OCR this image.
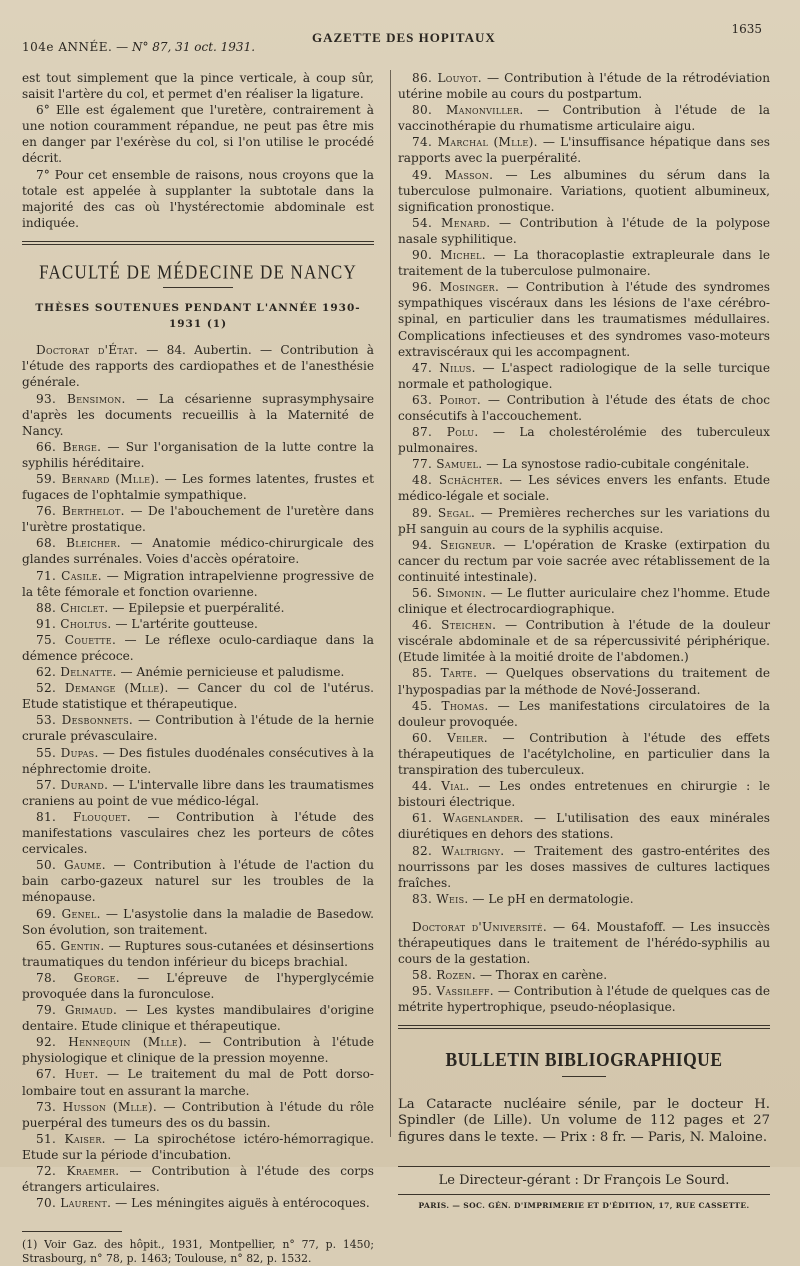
104e ANNÉE. — N° 87, 31 oct. 1931.
GAZETTE DES HOPITAUX
1635

est tout simplement que la pince verticale, à coup sûr, saisit l'artère du col, et permet d'en réaliser la ligature.

6° Elle est également que l'uretère, contrairement à une notion couramment répandue, ne peut pas être mis en danger par l'exérèse du col, si l'on utilise le procédé décrit.

7° Pour cet ensemble de raisons, nous croyons que la totale est appelée à supplanter la subtotale dans la majorité des cas où l'hystérectomie abdominale est indiquée.

FACULTÉ DE MÉDECINE DE NANCY
THÈSES SOUTENUES PENDANT L'ANNÉE 1930-1931 (1)

Doctorat d'État. — 84. Aubertin. — Contribution à l'étude des rapports des cardiopathes et de l'anesthésie générale.

93. Bensimon. — La césarienne suprasymphysaire d'après les documents recueillis à la Maternité de Nancy.

66. Berge. — Sur l'organisation de la lutte contre la syphilis héréditaire.

59. Bernard (Mlle). — Les formes latentes, frustes et fugaces de l'ophtalmie sympathique.

76. Berthelot. — De l'abouchement de l'uretère dans l'urètre prostatique.

68. Bleicher. — Anatomie médico-chirurgicale des glandes surrénales. Voies d'accès opératoire.

71. Casile. — Migration intrapelvienne progressive de la tête fémorale et fonction ovarienne.

88. Chiclet. — Epilepsie et puerpéralité.

91. Choltus. — L'artérite goutteuse.

75. Couette. — Le réflexe oculo-cardiaque dans la démence précoce.

62. Delnatte. — Anémie pernicieuse et paludisme.

52. Demange (Mlle). — Cancer du col de l'utérus. Etude statistique et thérapeutique.

53. Desbonnets. — Contribution à l'étude de la hernie crurale prévasculaire.

55. Dupas. — Des fistules duodénales consécutives à la néphrectomie droite.

57. Durand. — L'intervalle libre dans les traumatismes craniens au point de vue médico-légal.

81. Flouquet. — Contribution à l'étude des manifestations vasculaires chez les porteurs de côtes cervicales.

50. Gaume. — Contribution à l'étude de l'action du bain carbo-gazeux naturel sur les troubles de la ménopause.

69. Genel. — L'asystolie dans la maladie de Basedow. Son évolution, son traitement.

65. Gentin. — Ruptures sous-cutanées et désinsertions traumatiques du tendon inférieur du biceps brachial.

78. George. — L'épreuve de l'hyperglycémie provoquée dans la furonculose.

79. Grimaud. — Les kystes mandibulaires d'origine dentaire. Etude clinique et thérapeutique.

92. Hennequin (Mlle). — Contribution à l'étude physiologique et clinique de la pression moyenne.

67. Huet. — Le traitement du mal de Pott dorso-lombaire tout en assurant la marche.

73. Husson (Mlle). — Contribution à l'étude du rôle puerpéral des tumeurs des os du bassin.

51. Kaiser. — La spirochétose ictéro-hémorragique. Etude sur la période d'incubation.

72. Kraemer. — Contribution à l'étude des corps étrangers articulaires.

70. Laurent. — Les méningites aiguës à entérocoques.

(1) Voir Gaz. des hôpit., 1931, Montpellier, n° 77, p. 1450; Strasbourg, n° 78, p. 1463; Toulouse, n° 82, p. 1532.

86. Louyot. — Contribution à l'étude de la rétrodéviation utérine mobile au cours du postpartum.

80. Manonviller. — Contribution à l'étude de la vaccinothérapie du rhumatisme articulaire aigu.

74. Marchal (Mlle). — L'insuffisance hépatique dans ses rapports avec la puerpéralité.

49. Masson. — Les albumines du sérum dans la tuberculose pulmonaire. Variations, quotient albumineux, signification pronostique.

54. Menard. — Contribution à l'étude de la polypose nasale syphilitique.

90. Michel. — La thoracoplastie extrapleurale dans le traitement de la tuberculose pulmonaire.

96. Mosinger. — Contribution à l'étude des syndromes sympathiques viscéraux dans les lésions de l'axe cérébro-spinal, en particulier dans les traumatismes médullaires. Complications infectieuses et des syndromes vaso-moteurs extraviscéraux qui les accompagnent.

47. Nilus. — L'aspect radiologique de la selle turcique normale et pathologique.

63. Poirot. — Contribution à l'étude des états de choc consécutifs à l'accouchement.

87. Polu. — La cholestérolémie des tuberculeux pulmonaires.

77. Samuel. — La synostose radio-cubitale congénitale.

48. Schächter. — Les sévices envers les enfants. Etude médico-légale et sociale.

89. Segal. — Premières recherches sur les variations du pH sanguin au cours de la syphilis acquise.

94. Seigneur. — L'opération de Kraske (extirpation du cancer du rectum par voie sacrée avec rétablissement de la continuité intestinale).

56. Simonin. — Le flutter auriculaire chez l'homme. Etude clinique et électrocardiographique.

46. Steichen. — Contribution à l'étude de la douleur viscérale abdominale et de sa répercussivité périphérique. (Etude limitée à la moitié droite de l'abdomen.)

85. Tarte. — Quelques observations du traitement de l'hypospadias par la méthode de Nové-Josserand.

45. Thomas. — Les manifestations circulatoires de la douleur provoquée.

60. Veiler. — Contribution à l'étude des effets thérapeutiques de l'acétylcholine, en particulier dans la transpiration des tuberculeux.

44. Vial. — Les ondes entretenues en chirurgie : le bistouri électrique.

61. Wagenlander. — L'utilisation des eaux minérales diurétiques en dehors des stations.

82. Waltrigny. — Traitement des gastro-entérites des nourrissons par les doses massives de cultures lactiques fraîches.

83. Weis. — Le pH en dermatologie.

Doctorat d'Université. — 64. Moustafoff. — Les insuccès thérapeutiques dans le traitement de l'hérédo-syphilis au cours de la gestation.

58. Rozen. — Thorax en carène.

95. Vassileff. — Contribution à l'étude de quelques cas de métrite hypertrophique, pseudo-néoplasique.

BULLETIN BIBLIOGRAPHIQUE

La Cataracte nucléaire sénile, par le docteur H. Spindler (de Lille). Un volume de 112 pages et 27 figures dans le texte. — Prix : 8 fr. — Paris, N. Maloine.

Le Directeur-gérant : Dr François Le Sourd.
PARIS. — SOC. GÉN. D'IMPRIMERIE ET D'ÉDITION, 17, RUE CASSETTE.
